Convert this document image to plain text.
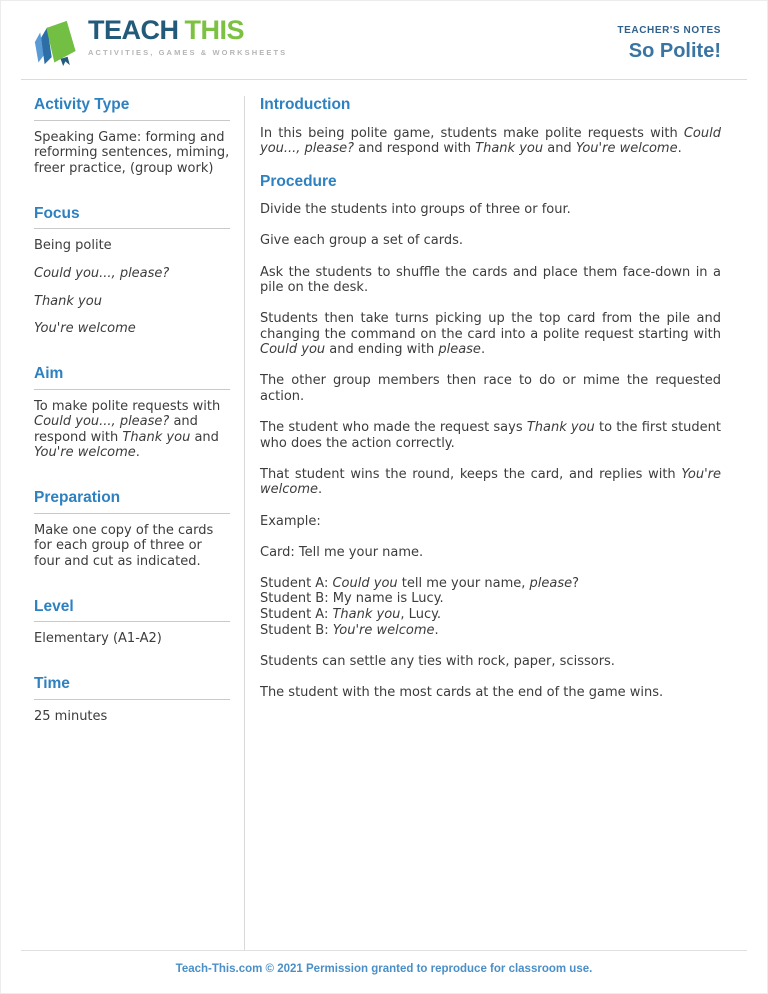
TEACH THIS
ACTIVITIES, GAMES & WORKSHEETS
TEACHER'S NOTES
So Polite!
Activity Type

Speaking Game: forming and reforming sentences, miming, freer practice, (group work)

Focus

Being polite

Could you..., please?

Thank you

You're welcome

Aim

To make polite requests with Could you..., please? and respond with Thank you and You're welcome.

Preparation

Make one copy of the cards for each group of three or four and cut as indicated.

Level

Elementary (A1-A2)

Time

25 minutes

Introduction

In this being polite game, students make polite requests with Could you..., please? and respond with Thank you and You're welcome.

Procedure

Divide the students into groups of three or four.

Give each group a set of cards.

Ask the students to shuffle the cards and place them face-down in a pile on the desk.

Students then take turns picking up the top card from the pile and changing the command on the card into a polite request starting with Could you and ending with please.

The other group members then race to do or mime the requested action.

The student who made the request says Thank you to the first student who does the action correctly.

That student wins the round, keeps the card, and replies with You're welcome.

Example:

Card: Tell me your name.

Student A: Could you tell me your name, please?
Student B: My name is Lucy.
Student A: Thank you, Lucy.
Student B: You're welcome.

Students can settle any ties with rock, paper, scissors.

The student with the most cards at the end of the game wins.

Teach-This.com © 2021 Permission granted to reproduce for classroom use.
